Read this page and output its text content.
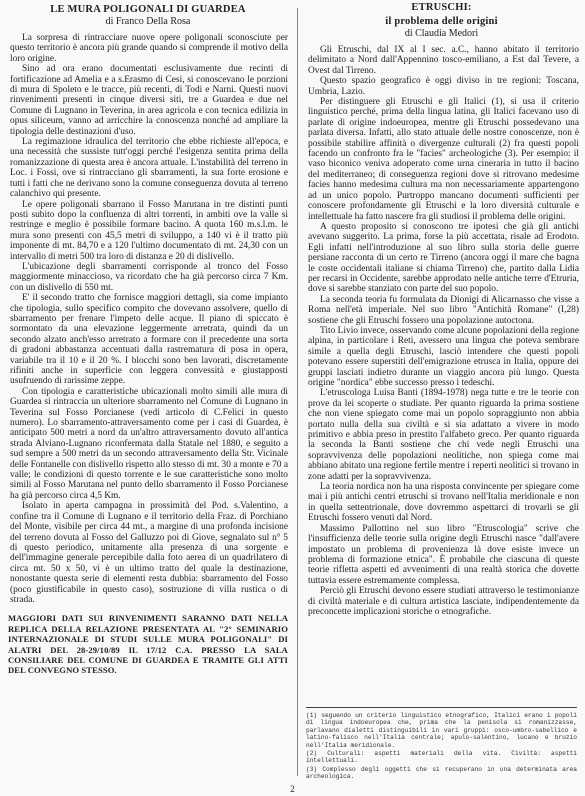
LE MURA POLIGONALI DI GUARDEA
di Franco Della Rosa

La sorpresa di rintracciare nuove opere poligonali sconosciute per questo territorio è ancora più grande quando si comprende il motivo della loro origine.

Sino ad ora erano documentati esclusivamente due recinti di fortificazione ad Amelia e a s.Erasmo di Cesi, si conoscevano le porzioni di mura di Spoleto e le tracce, più recenti, di Todi e Narni. Questi nuovi rinvenimenti presenti in cinque diversi siti, tre a Guardea e due nel Comune di Lugnano in Teverina, in area agricola e con tecnica edilizia in opus siliceum, vanno ad arricchire la conoscenza nonché ad ampliare la tipologia delle destinazioni d'uso.

La regimazione idraulica del territorio che ebbe richieste all'epoca, e una necessità che sussiste tutt'oggi perché l'esigenza sentita prima della romanizzazione di questa area è ancora attuale. L'instabilità del terreno in Loc. i Fossi, ove si rintracciano gli sbarramenti, la sua forte erosione e tutti i fatti che ne derivano sono la comune conseguenza dovuta al terreno calanchivo qui presente.

Le opere poligonali sbarrano il Fosso Marutana in tre distinti punti posti subito dopo la confluenza di altri torrenti, in ambiti ove la valle si restringe e meglio è possibile formare bacino. A quota 160 m.s.l.m. le mura sono presenti con 45,5 metri di sviluppo, a 140 vi è il tratto più imponente di mt. 84,70 e a 120 l'ultimo documentato di mt. 24,30 con un intervallo di metri 500 tra loro di distanza e 20 di dislivello.

L'ubicazione degli sbarramenti corrisponde al tronco del Fosso maggiormente minaccioso, va ricordato che ha già percorso circa 7 Km. con un dislivello di 550 mt.

E' il secondo tratto che fornisce maggiori dettagli, sia come impianto che tipologia, sullo specifico compito che dovevano assolvere, quello di sbarramento per frenare l'impeto delle acque. Il piano di spiccato è sormontato da una elevazione leggermente arretrata, quindi da un secondo alzato anch'esso arretrato a formare con il precedente una sorta di gradoni abbastanza accentuati dalla rastrematura di posa in opera, variabile tra il 10 e il 20 %. I blocchi sono ben lavorati, discretamente rifiniti anche in superficie con leggera convessità e giustapposti usufruendo di rarissime zeppe.

Con tipologia e caratteristiche ubicazionali molto simili alle mura di Guardea si rintraccia un ulteriore sbarramento nel Comune di Lugnano in Teverina sul Fosso Porcianese (vedi articolo di C.Felici in questo numero). Lo sbarramento-attraversamento come per i casi di Guardea, è anticipato 500 metri a nord da un'altro attraversamento dovuto all'antica strada Alviano-Lugnano riconfermata dalla Statale nel 1880, e seguito a sud sempre a 500 metri da un secondo attraversamento della Str. Vicinale delle Fontanelle con dislivello rispetto allo stesso di mt. 30 a monte e 70 a valle; le condizioni di questo torrente e le sue caratteristiche sono molto simili al Fosso Marutana nel punto dello sbarramento il Fosso Porcianese ha già percorso circa 4,5 Km.

Isolato in aperta campagna in prossimità del Pod. s.Valentino, a confine tra il Comune di Lugnano e il territorio della Fraz. di Porchiano del Monte, visibile per circa 44 mt., a margine di una profonda incisione del terreno dovuta al Fosso del Galluzzo poi di Giove, segnalato sul n° 5 di questo periodico, unitamente alla presenza di una sorgente e dell'immagine generale percepibile dalla foto aerea di un quadrilatero di circa mt. 50 x 50, vi è un ultimo tratto del quale la destinazione, nonostante questa serie di elementi resta dubbia: sbarramento del Fosso (poco giustificabile in questo caso), sostruzione di villa rustica o di strada.

MAGGIORI DATI SUI RINVENIMENTI SARANNO DATI NELLA REPLICA DELLA RELAZIONE PRESENTATA AL "2° SEMINARIO INTERNAZIONALE DI STUDI SULLE MURA POLIGONALI" DI ALATRI DEL 28-29/10/89 IL 17/12 C.A. PRESSO LA SALA CONSILIARE DEL COMUNE DI GUARDEA E TRAMITE GLI ATTI DEL CONVEGNO STESSO.
ETRUSCHI:
il problema delle origini
di Claudia Medori

Gli Etruschi, dal IX al I sec. a.C., hanno abitato il territorio delimitato a Nord dall'Appennino tosco-emiliano, a Est dal Tevere, a Ovest dal Tirreno.

Questo spazio geografico è oggi diviso in tre regioni: Toscana, Umbria, Lazio.

Per distinguere gli Etruschi e gli Italici (1), si usa il criterio linguistico perché, prima della lingua latina, gli Italici facevano uso di parlate di origine indoeuropea, mentre gli Etruschi possedevano una parlata diversa. Infatti, allo stato attuale delle nostre conoscenze, non è possibile stabilire affinità o divergenze culturali (2) fra questi popoli facendo un confronto fra le "facies" archeologiche (3). Per esempio: il vaso biconico veniva adoperato come urna cineraria in tutto il bacino del mediterraneo; di conseguenza regioni dove si ritrovano medesime facies hanno medesima cultura ma non necessariamente appartengono ad un unico popolo. Purtroppo mancano documenti sufficienti per conoscere profondamente gli Etruschi e la loro diversità culturale e intellettuale ha fatto nascere fra gli studiosi il problema delle origini.

A questo proposito si conoscono tre ipotesi che già gli antichi avevano suggerito. La prima, forse la più accettata, risale ad Erodoto. Egli infatti nell'introduzione al suo libro sulla storia delle guerre persiane racconta di un certo re Tirreno (ancora oggi il mare che bagna le coste occidentali italiane si chiama Tirreno) che, partito dalla Lidia per recarsi in Occidente, sarebbe approdato nelle antiche terre d'Etruria, dove si sarebbe stanziato con parte del suo popolo.

La seconda teoria fu formulata da Dionigi di Alicarnasso che visse a Roma nell'età imperiale. Nel suo libro "Antichità Romane" (I,28) sostiene che gli Etruschi fossero una popolazione autoctona.

Tito Livio invece, osservando come alcune popolazioni della regione alpina, in particolare i Reti, avessero una lingua che poteva sembrare simile a quella degli Etruschi, lasciò intendere che questi popoli potevano essere superstiti dell'emigrazione etrusca in Italia, oppure dei gruppi lasciati indietro durante un viaggio ancora più lungo. Questa origine "nordica" ebbe successo presso i tedeschi.

L'etruscologa Luisa Banti (1894-1978) nega tutte e tre le teorie con prove da lei scoperte o studiate. Per quanto riguarda la prima sostiene che non viene spiegato come mai un popolo sopraggiunto non abbia portato nulla della sua civiltà e si sia adattato a vivere in modo primitivo e abbia preso in prestito l'alfabeto greco. Per quanto riguarda la seconda la Banti sostiene che chi vede negli Etruschi una sopravvivenza delle popolazioni neolitiche, non spiega come mai abbiano abitato una regione fertile mentre i reperti neolitici si trovano in zone adatti per la sopravvivenza.

La teoria nordica non ha una risposta convincente per spiegare come mai i più antichi centri etruschi si trovano nell'Italia meridionale e non in quella settentrionale, dove dovremmo aspettarci di trovarli se gli Etruschi fossero venuti dal Nord.

Massimo Pallottino nel suo libro "Etruscologia" scrive che l'insufficienza delle teorie sulla origine degli Etruschi nasce "dall'avere impostato un problema di provenienza là dove esiste invece un problema di formazione etnica". È probabile che ciascuna di queste teorie rifletta aspetti ed avvenimenti di una realtà storica che dovette tuttavia essere estremamente complessa.

Perciò gli Etruschi devono essere studiati attraverso le testimonianze di civiltà materiale e di cultura artistica lasciate, indipendentemente da preconcette implicazioni storiche o etnografiche.

(1) seguendo un criterio linguistico etnografico, Italici erano i popoli di lingua indoeuropea che, prima che la penisola si romanizzasse, parlavano dialetti distinguibili in vari gruppi: osco-umbro-sabellico e latino-falisco nell'Italia centrale; apulo-salentino, lucano e bruzio nell'Italia meridionale.

(2) Culturali: aspetti materiali della vita. Civiltà: aspetti intellettuali.

(3) Complesso degli oggetti che si recuperano in una determinata area archeologica.

2
